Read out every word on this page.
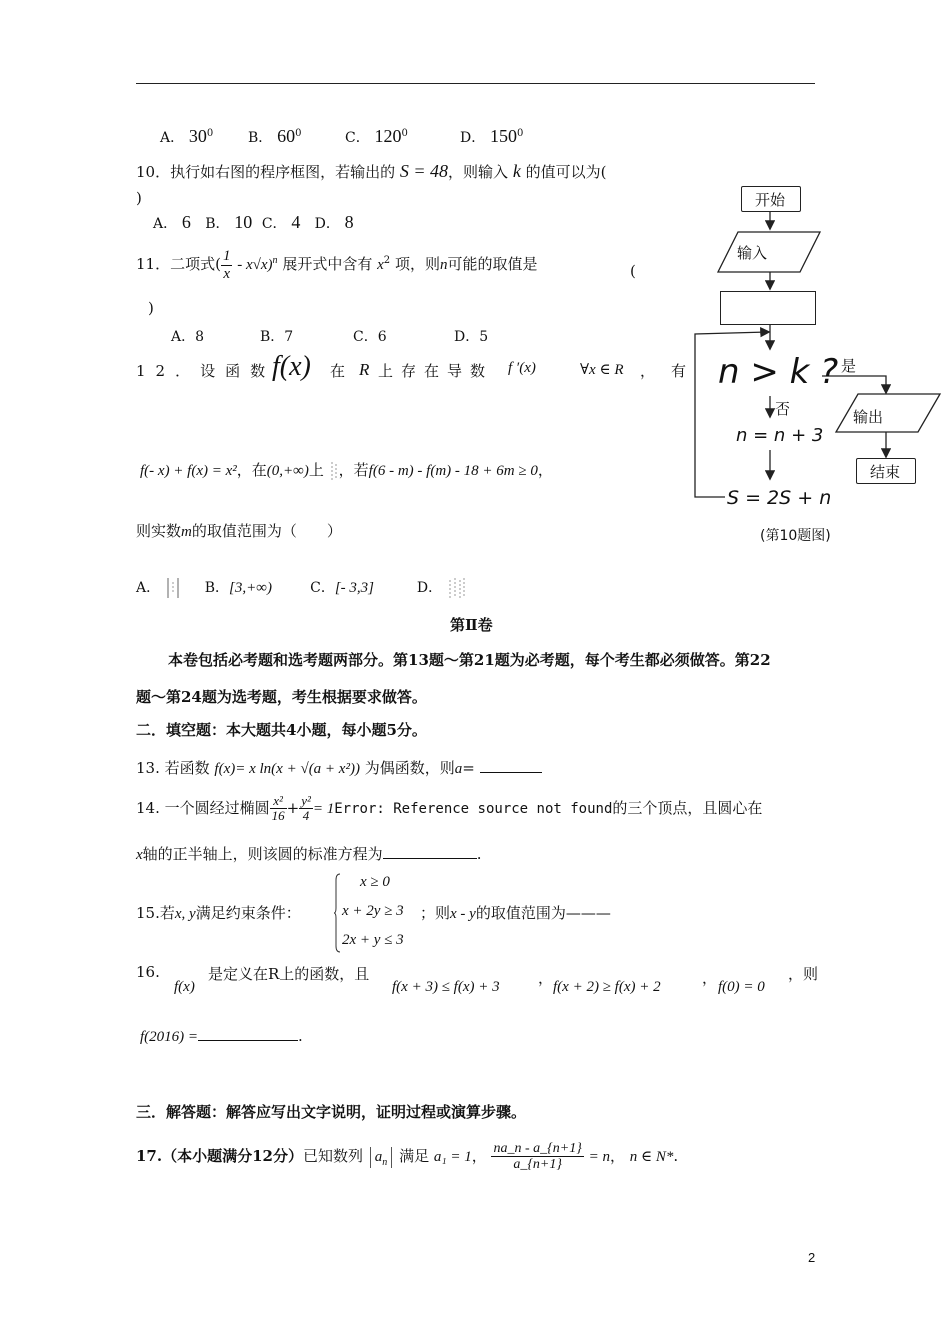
A． $30^0$ B． $60^0$	C． $120^0$	D． $150^0$
10．执行如右图的程序框图，若输出的 S = 48，则输入 k 的值可以为(
)
A． 6 B． 10 C． 4 D． 8
11．二项式( $\frac{1}{x} - x√x)^n$ 展开式中含有 $x^2$ 项，则n可能的取值是	(
)
A．8	B．7	C．6	D．5
12．设函数
f(x) 在 R 上存在导数 f ′(x)	∀x ∈ R ，有
f(- x) + f(x) = x²，在(0,+∞)上 ，若f(6 - m) - f(m) - 18 + 6m ≥ 0，
则实数m的取值范围为（　　）
A．	B．[3,+∞)	C．[- 3,3]	D．
第Ⅱ卷
本卷包括必考题和选考题两部分。第13题～第21题为必考题，每个考生都必须做答。第22
题～第24题为选考题，考生根据要求做答。
二．填空题：本大题共4小题，每小题5分。
13. 若函数 f(x)= x ln(x + √(a + x²)) 为偶函数，则a=
14. 一个圆经过椭圆 $\frac{\text{x²}}{16} + \frac{\text{y²}}{4}$ = 1Error: Reference source not found的三个顶点，且圆心在
x轴的正半轴上，则该圆的标准方程为	.
15.若x, y满足约束条件：
x ≥ 0
x + 2y ≥ 3
2x + y ≤ 3
；则x - y的取值范围为———
16.
f(x)
是定义在R上的函数，且
f(x + 3) ≤ f(x) + 3	， f(x + 2) ≥ f(x) + 2	， f(0) = 0
，则
f(2016) =	.
三．解答题：解答应写出文字说明，证明过程或演算步骤。
17.（本小题满分12分）已知数列 $a_n$ 满足 a₁ = 1， $\frac{na\_n - a\_\{n+1\}}{a\_\{n+1\}} = n$， n ∈ N*.
开始
输入
n > k ? 是
否
n = n + 3
S = 2S + n
输出
结束
(第10题图)
2
